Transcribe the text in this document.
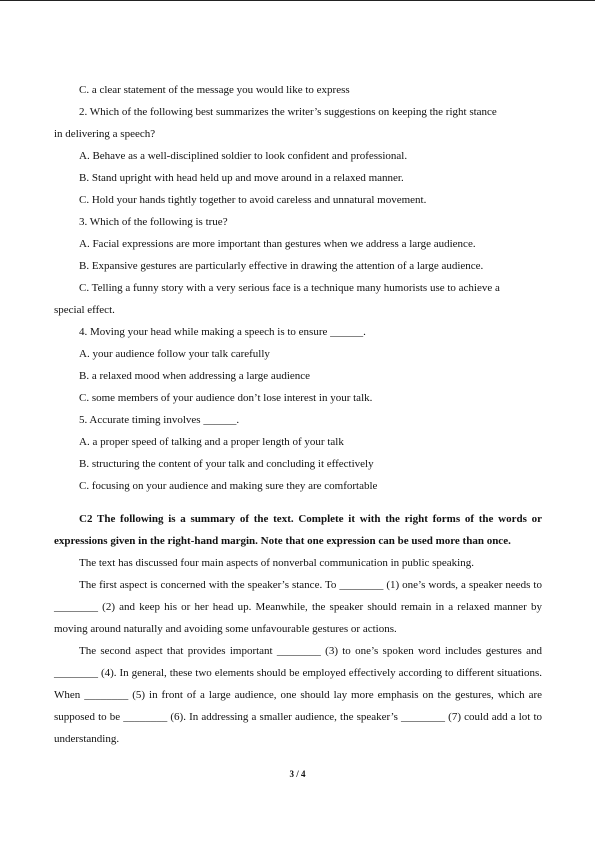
C. a clear statement of the message you would like to express

2. Which of the following best summarizes the writer’s suggestions on keeping the right stance

in delivering a speech?

A. Behave as a well-disciplined soldier to look confident and professional.

B. Stand upright with head held up and move around in a relaxed manner.

C. Hold your hands tightly together to avoid careless and unnatural movement.

3. Which of the following is true?

A. Facial expressions are more important than gestures when we address a large audience.

B. Expansive gestures are particularly effective in drawing the attention of a large audience.

C. Telling a funny story with a very serious face is a technique many humorists use to achieve a

special effect.

4. Moving your head while making a speech is to ensure ______.

A. your audience follow your talk carefully

B. a relaxed mood when addressing a large audience

C. some members of your audience don’t lose interest in your talk.

5. Accurate timing involves ______.

A. a proper speed of talking and a proper length of your talk

B. structuring the content of your talk and concluding it effectively

C. focusing on your audience and making sure they are comfortable

C2 The following is a summary of the text. Complete it with the right forms of the words or expressions given in the right-hand margin. Note that one expression can be used more than once.

The text has discussed four main aspects of nonverbal communication in public speaking.

The first aspect is concerned with the speaker’s stance. To ________ (1) one’s words, a speaker needs to ________ (2) and keep his or her head up. Meanwhile, the speaker should remain in a relaxed manner by moving around naturally and avoiding some unfavourable gestures or actions.

The second aspect that provides important ________ (3) to one’s spoken word includes gestures and ________ (4). In general, these two elements should be employed effectively according to different situations. When ________ (5) in front of a large audience, one should lay more emphasis on the gestures, which are supposed to be ________ (6). In addressing a smaller audience, the speaker’s ________ (7) could add a lot to understanding.

3 / 4
